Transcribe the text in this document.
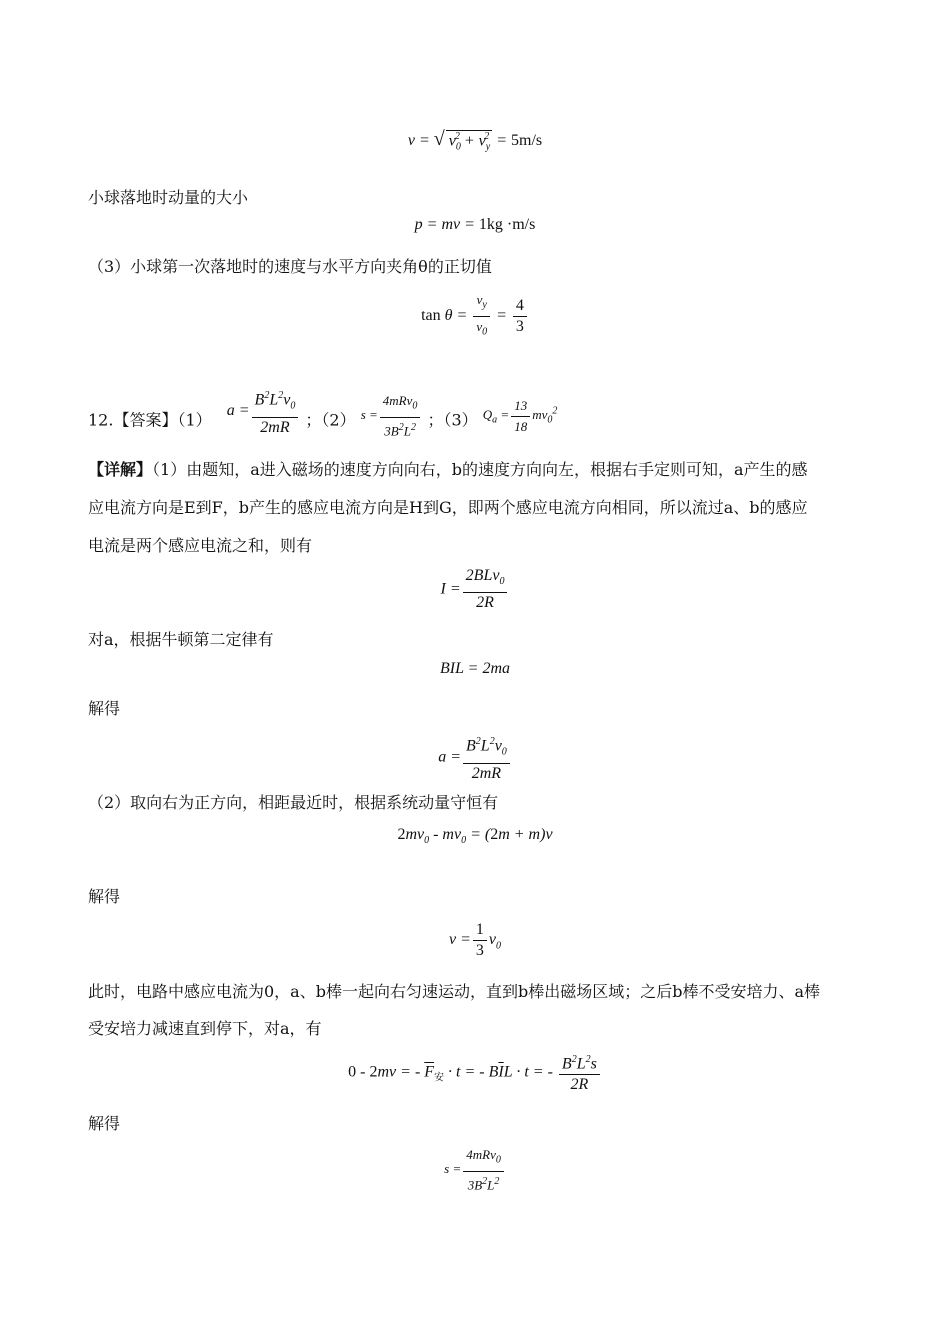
v = √ $v_0^2 + v_y^2 = 5m/s$
小球落地时动量的大小
p = mv = 1kg ·m/s
（3）小球第一次落地时的速度与水平方向夹角θ的正切值
$\tan \theta = \frac{v_y}{v_0} = \frac{4}{3}$
12.【答案】（1） $a = \frac{B^2L^2v_0}{2mR}$ ；（2） $^{s = \frac{4mRv_0}{3B^2L^2}}$ ；（3） $^{Q_a = \frac{13}{18} mv_0^2}$
【详解】（1）由题知，a进入磁场的速度方向向右，b的速度方向向左，根据右手定则可知，a产生的感
应电流方向是E到F，b产生的感应电流方向是H到G，即两个感应电流方向相同，所以流过a、b的感应
电流是两个感应电流之和，则有
$I = \frac{2BLv_0}{2R}$
对a，根据牛顿第二定律有
BIL = 2ma
解得
$a = \frac{B^2L^2v_0}{2mR}$
（2）取向右为正方向，相距最近时，根据系统动量守恒有
$2mv_0 - mv_0 = (2m + m)v$
解得
$v = \frac{1}{3} v_0$
此时，电路中感应电流为0，a、b棒一起向右匀速运动，直到b棒出磁场区域；之后b棒不受安培力、a棒
受安培力减速直到停下，对a，有
0 - 2mv = - $\overline{F}_安 \cdot t$ = - $B\overline{I}L \cdot t$ = - $\frac{B^2L^2s}{2R}$
解得
$s = \frac{4mRv_0}{3B^2L^2}$
